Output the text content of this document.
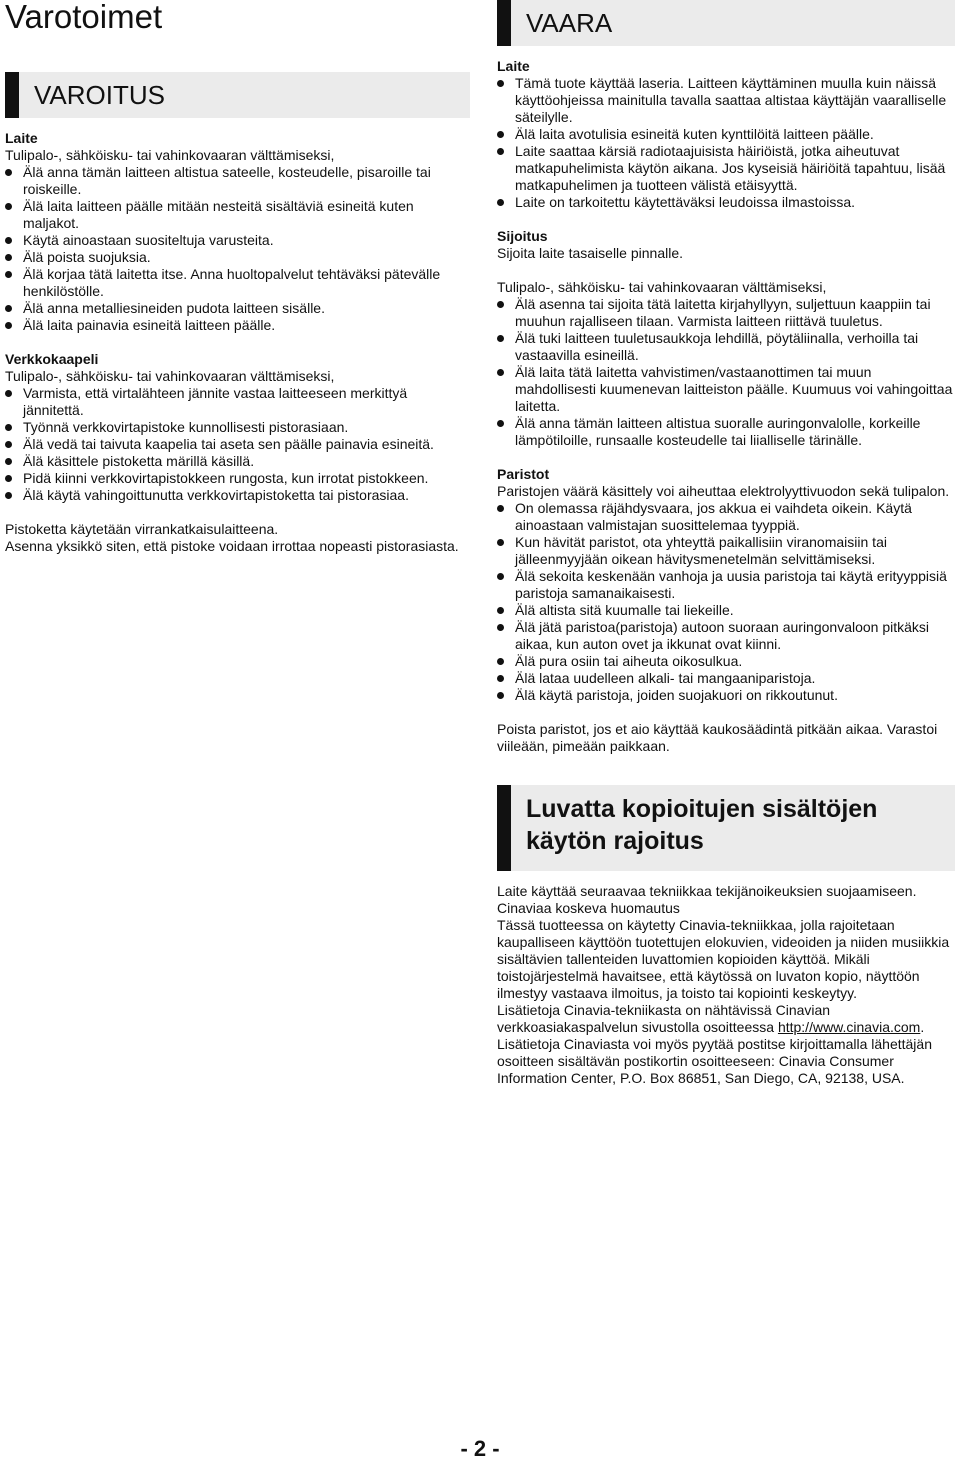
Varotoimet
VAROITUS
Laite

Tulipalo-, sähköisku- tai vahinkovaaran välttämiseksi,

Älä anna tämän laitteen altistua sateelle, kosteudelle, pisaroille tai roiskeille.
Älä laita laitteen päälle mitään nesteitä sisältäviä esineitä kuten maljakot.
Käytä ainoastaan suositeltuja varusteita.
Älä poista suojuksia.
Älä korjaa tätä laitetta itse. Anna huoltopalvelut tehtäväksi pätevälle henkilöstölle.
Älä anna metalliesineiden pudota laitteen sisälle.
Älä laita painavia esineitä laitteen päälle.
Verkkokaapeli

Tulipalo-, sähköisku- tai vahinkovaaran välttämiseksi,

Varmista, että virtalähteen jännite vastaa laitteeseen merkittyä jännitettä.
Työnnä verkkovirtapistoke kunnollisesti pistorasiaan.
Älä vedä tai taivuta kaapelia tai aseta sen päälle painavia esineitä.
Älä käsittele pistoketta märillä käsillä.
Pidä kiinni verkkovirtapistokkeen rungosta, kun irrotat pistokkeen.
Älä käytä vahingoittunutta verkkovirtapistoketta tai pistorasiaa.

Pistoketta käytetään virrankatkaisulaitteena.

Asenna yksikkö siten, että pistoke voidaan irrottaa nopeasti pistorasiasta.

VAARA
Laite
Tämä tuote käyttää laseria. Laitteen käyttäminen muulla kuin näissä käyttöohjeissa mainitulla tavalla saattaa altistaa käyttäjän vaaralliselle säteilylle.
Älä laita avotulisia esineitä kuten kynttilöitä laitteen päälle.
Laite saattaa kärsiä radiotaajuisista häiriöistä, jotka aiheutuvat matkapuhelimista käytön aikana. Jos kyseisiä häiriöitä tapahtuu, lisää matkapuhelimen ja tuotteen välistä etäisyyttä.
Laite on tarkoitettu käytettäväksi leudoissa ilmastoissa.
Sijoitus

Sijoita laite tasaiselle pinnalle.

Tulipalo-, sähköisku- tai vahinkovaaran välttämiseksi,

Älä asenna tai sijoita tätä laitetta kirjahyllyyn, suljettuun kaappiin tai muuhun rajalliseen tilaan. Varmista laitteen riittävä tuuletus.
Älä tuki laitteen tuuletusaukkoja lehdillä, pöytäliinalla, verhoilla tai vastaavilla esineillä.
Älä laita tätä laitetta vahvistimen/vastaanottimen tai muun mahdollisesti kuumenevan laitteiston päälle. Kuumuus voi vahingoittaa laitetta.
Älä anna tämän laitteen altistua suoralle auringonvalolle, korkeille lämpötiloille, runsaalle kosteudelle tai liialliselle tärinälle.
Paristot

Paristojen väärä käsittely voi aiheuttaa elektrolyyttivuodon sekä tulipalon.

On olemassa räjähdysvaara, jos akkua ei vaihdeta oikein. Käytä ainoastaan valmistajan suosittelemaa tyyppiä.
Kun hävität paristot, ota yhteyttä paikallisiin viranomaisiin tai jälleenmyyjään oikean hävitysmenetelmän selvittämiseksi.
Älä sekoita keskenään vanhoja ja uusia paristoja tai käytä erityyppisiä paristoja samanaikaisesti.
Älä altista sitä kuumalle tai liekeille.
Älä jätä paristoa(paristoja) autoon suoraan auringonvaloon pitkäksi aikaa, kun auton ovet ja ikkunat ovat kiinni.
Älä pura osiin tai aiheuta oikosulkua.
Älä lataa uudelleen alkali- tai mangaaniparistoja.
Älä käytä paristoja, joiden suojakuori on rikkoutunut.

Poista paristot, jos et aio käyttää kaukosäädintä pitkään aikaa. Varastoi viileään, pimeään paikkaan.

Luvatta kopioitujen sisältöjen
käytön rajoitus

Laite käyttää seuraavaa tekniikkaa tekijänoikeuksien suojaamiseen.

Cinaviaa koskeva huomautus

Tässä tuotteessa on käytetty Cinavia-tekniikkaa, jolla rajoitetaan kaupalliseen käyttöön tuotettujen elokuvien, videoiden ja niiden musiikkia sisältävien tallenteiden luvattomien kopioiden käyttöä. Mikäli toistojärjestelmä havaitsee, että käytössä on luvaton kopio, näyttöön ilmestyy vastaava ilmoitus, ja toisto tai kopiointi keskeytyy.

Lisätietoja Cinavia-tekniikasta on nähtävissä Cinavian verkkoasiakaspalvelun sivustolla osoitteessa http://www.cinavia.com. Lisätietoja Cinaviasta voi myös pyytää postitse kirjoittamalla lähettäjän osoitteen sisältävän postikortin osoitteeseen: Cinavia Consumer Information Center, P.O. Box 86851, San Diego, CA, 92138, USA.

- 2 -
